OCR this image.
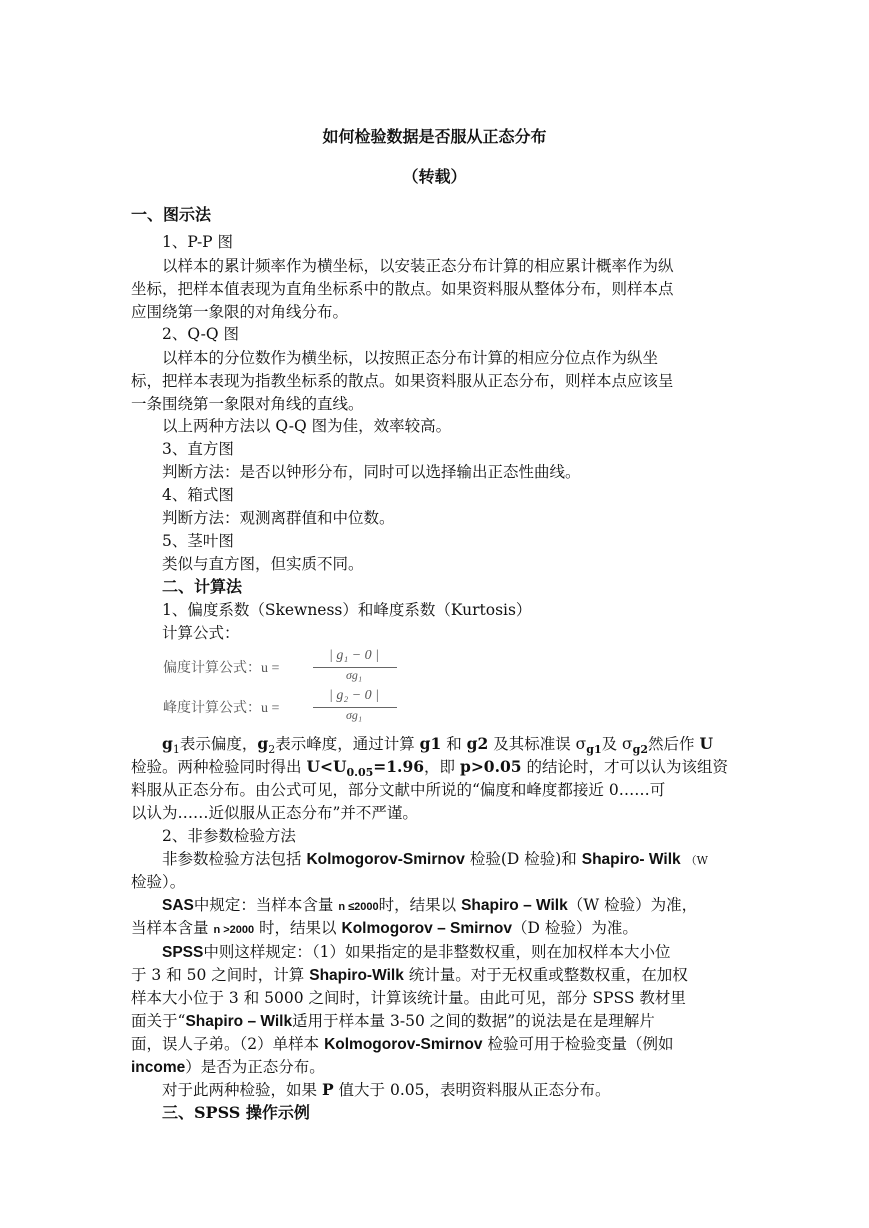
如何检验数据是否服从正态分布
（转载）
一、图示法
1、P-P 图
以样本的累计频率作为横坐标，以安装正态分布计算的相应累计概率作为纵
坐标，把样本值表现为直角坐标系中的散点。如果资料服从整体分布，则样本点
应围绕第一象限的对角线分布。
2、Q-Q 图
以样本的分位数作为横坐标，以按照正态分布计算的相应分位点作为纵坐
标，把样本表现为指教坐标系的散点。如果资料服从正态分布，则样本点应该呈
一条围绕第一象限对角线的直线。
以上两种方法以 Q-Q 图为佳，效率较高。
3、直方图
判断方法：是否以钟形分布，同时可以选择输出正态性曲线。
4、箱式图
判断方法：观测离群值和中位数。
5、茎叶图
类似与直方图，但实质不同。
二、计算法
1、偏度系数（Skewness）和峰度系数（Kurtosis）
计算公式：
偏度计算公式：u =
| g₁ − 0 |
σg₁
峰度计算公式：u =
| g₂ − 0 |
σg₁
$g_1$表示偏度，$g_2$表示峰度，通过计算 g1 和 g2 及其标准误 $\sigma_{g1}$及 $\sigma_{g2}$然后作 U
检验。两种检验同时得出 $U<U_{0.05}=1.96$，即 p>0.05 的结论时，才可以认为该组资
料服从正态分布。由公式可见，部分文献中所说的“偏度和峰度都接近 0……可
以认为……近似服从正态分布”并不严谨。
2、非参数检验方法
非参数检验方法包括 Kolmogorov-Smirnov 检验(D 检验)和 Shapiro- Wilk （W
检验）。
SAS中规定：当样本含量 n ≤2000时，结果以 Shapiro – Wilk（W 检验）为准，
当样本含量 n >2000 时，结果以 Kolmogorov – Smirnov（D 检验）为准。
SPSS中则这样规定：（1）如果指定的是非整数权重，则在加权样本大小位
于 3 和 50 之间时，计算 Shapiro-Wilk 统计量。对于无权重或整数权重，在加权
样本大小位于 3 和 5000 之间时，计算该统计量。由此可见，部分 SPSS 教材里
面关于“Shapiro – Wilk适用于样本量 3-50 之间的数据”的说法是在是理解片
面，误人子弟。（2）单样本 Kolmogorov-Smirnov 检验可用于检验变量（例如
income）是否为正态分布。
对于此两种检验，如果 P 值大于 0.05，表明资料服从正态分布。
三、SPSS 操作示例
